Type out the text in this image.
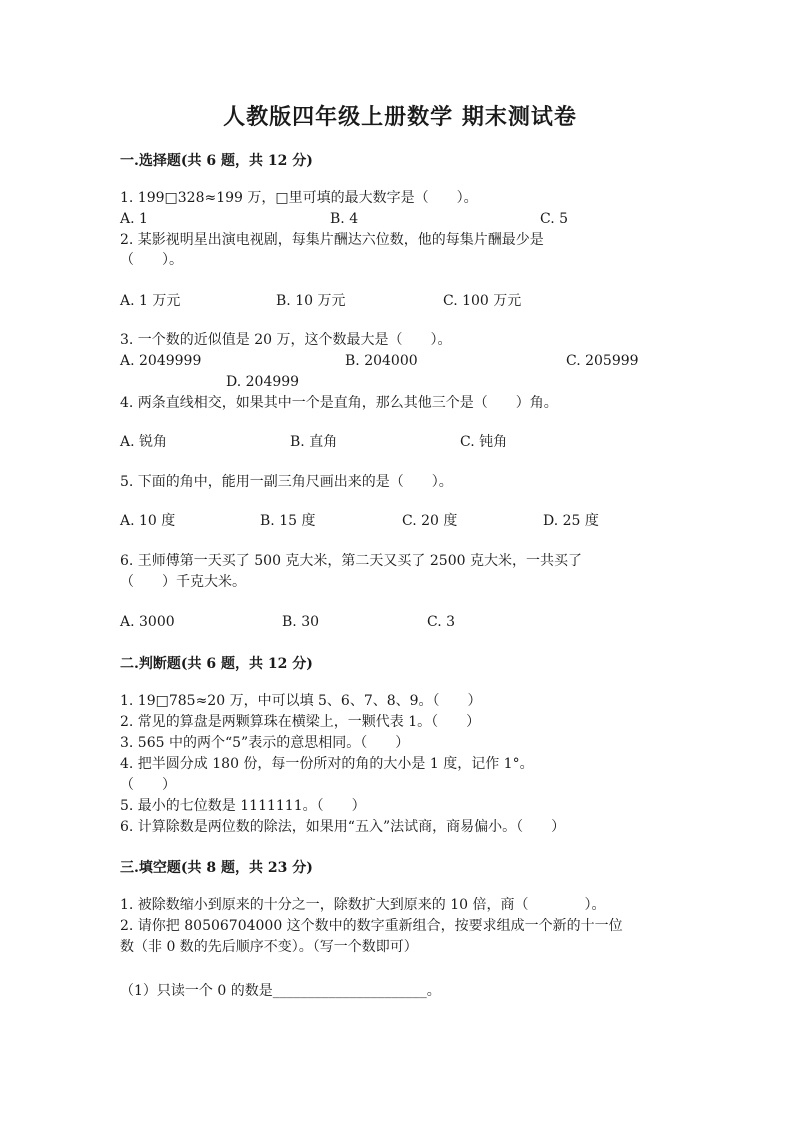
人教版四年级上册数学 期末测试卷
一.选择题(共 6 题，共 12 分)
1. 199□328≈199 万，□里可填的最大数字是（　　）。
A. 1	B. 4	C. 5
2. 某影视明星出演电视剧，每集片酬达六位数，他的每集片酬最少是
（　　）。
A. 1 万元	B. 10 万元	C. 100 万元
3. 一个数的近似值是 20 万，这个数最大是（　　）。
A. 2049999	B. 204000	C. 205999
D. 204999
4. 两条直线相交，如果其中一个是直角，那么其他三个是（　　）角。
A. 锐角	B. 直角	C. 钝角
5. 下面的角中，能用一副三角尺画出来的是（　　）。
A. 10 度	B. 15 度	C. 20 度	D. 25 度
6. 王师傅第一天买了 500 克大米，第二天又买了 2500 克大米，一共买了
（　　）千克大米。
A. 3000	B. 30	C. 3
二.判断题(共 6 题，共 12 分)
1. 19□785≈20 万，中可以填 5、6、7、8、9。（　　）
2. 常见的算盘是两颗算珠在横梁上，一颗代表 1。（　　）
3. 565 中的两个“5”表示的意思相同。（　　）
4. 把半圆分成 180 份，每一份所对的角的大小是 1 度，记作 1°。
（　　）
5. 最小的七位数是 1111111。（　　）
6. 计算除数是两位数的除法，如果用“五入”法试商，商易偏小。（　　）
三.填空题(共 8 题，共 23 分)
1. 被除数缩小到原来的十分之一，除数扩大到原来的 10 倍，商（　　　　）。
2. 请你把 80506704000 这个数中的数字重新组合，按要求组成一个新的十一位
数（非 0 数的先后顺序不变）。（写一个数即可）
（1）只读一个 0 的数是______________________。
